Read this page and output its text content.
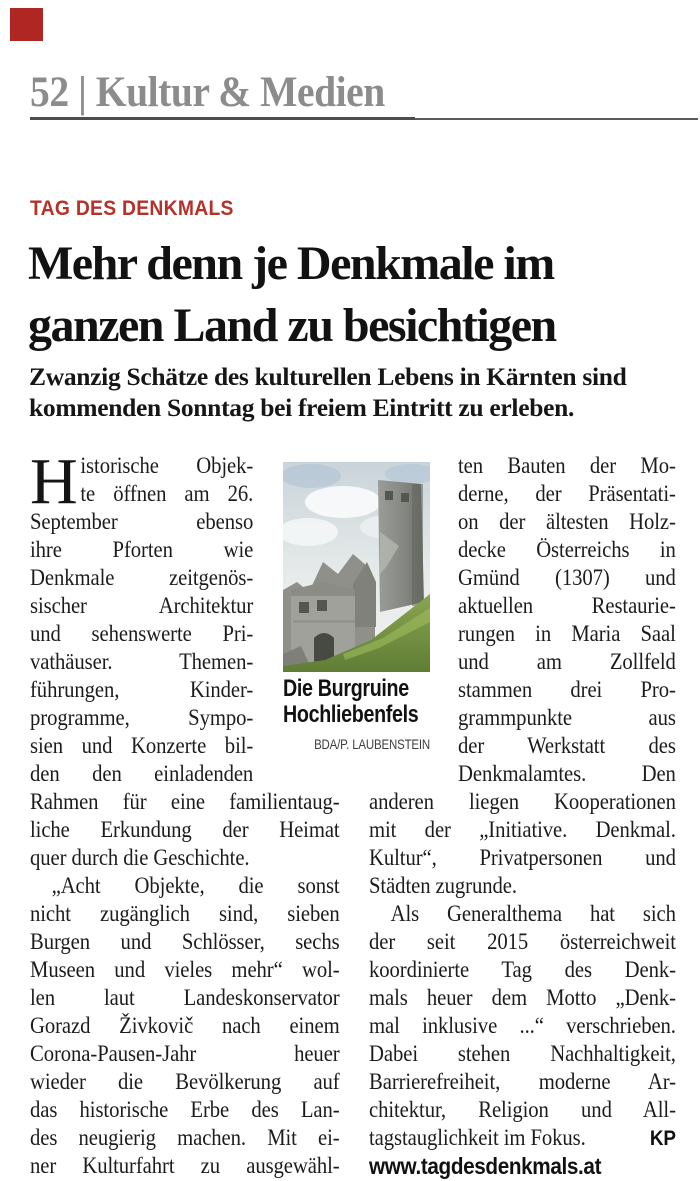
52 | Kultur & Medien
TAG DES DENKMALS
Mehr denn je Denkmale im
ganzen Land zu besichtigen
Zwanzig Schätze des kulturellen Lebens in Kärnten sind
kommenden Sonntag bei freiem Eintritt zu erleben.
H istorische Objek-
te öffnen am 26.
September ebenso
ihre Pforten wie
Denkmale zeitgenös-
sischer Architektur
und sehenswerte Pri-
vathäuser. Themen-
führungen, Kinder-
programme, Sympo-
sien und Konzerte bil-
den den einladenden
Rahmen für eine familientaug-
liche Erkundung der Heimat
quer durch die Geschichte.
„Acht Objekte, die sonst
nicht zugänglich sind, sieben
Burgen und Schlösser, sechs
Museen und vieles mehr“ wol-
len laut Landeskonservator
Gorazd Živkovič nach einem
Corona-Pausen-Jahr heuer
wieder die Bevölkerung auf
das historische Erbe des Lan-
des neugierig machen. Mit ei-
ner Kulturfahrt zu ausgewähl-
ten Bauten der Mo-
derne, der Präsentati-
on der ältesten Holz-
decke Österreichs in
Gmünd (1307) und
aktuellen Restaurie-
rungen in Maria Saal
und am Zollfeld
stammen drei Pro-
grammpunkte aus
der Werkstatt des
Denkmalamtes. Den
anderen liegen Kooperationen
mit der „Initiative. Denkmal.
Kultur“, Privatpersonen und
Städten zugrunde.
Als Generalthema hat sich
der seit 2015 österreichweit
koordinierte Tag des Denk-
mals heuer dem Motto „Denk-
mal inklusive ...“ verschrieben.
Dabei stehen Nachhaltigkeit,
Barrierefreiheit, moderne Ar-
chitektur, Religion und All-
tagstauglichkeit im Fokus.	KP
www.tagdesdenkmals.at
Die Burgruine
Hochliebenfels
BDA/P. LAUBENSTEIN
